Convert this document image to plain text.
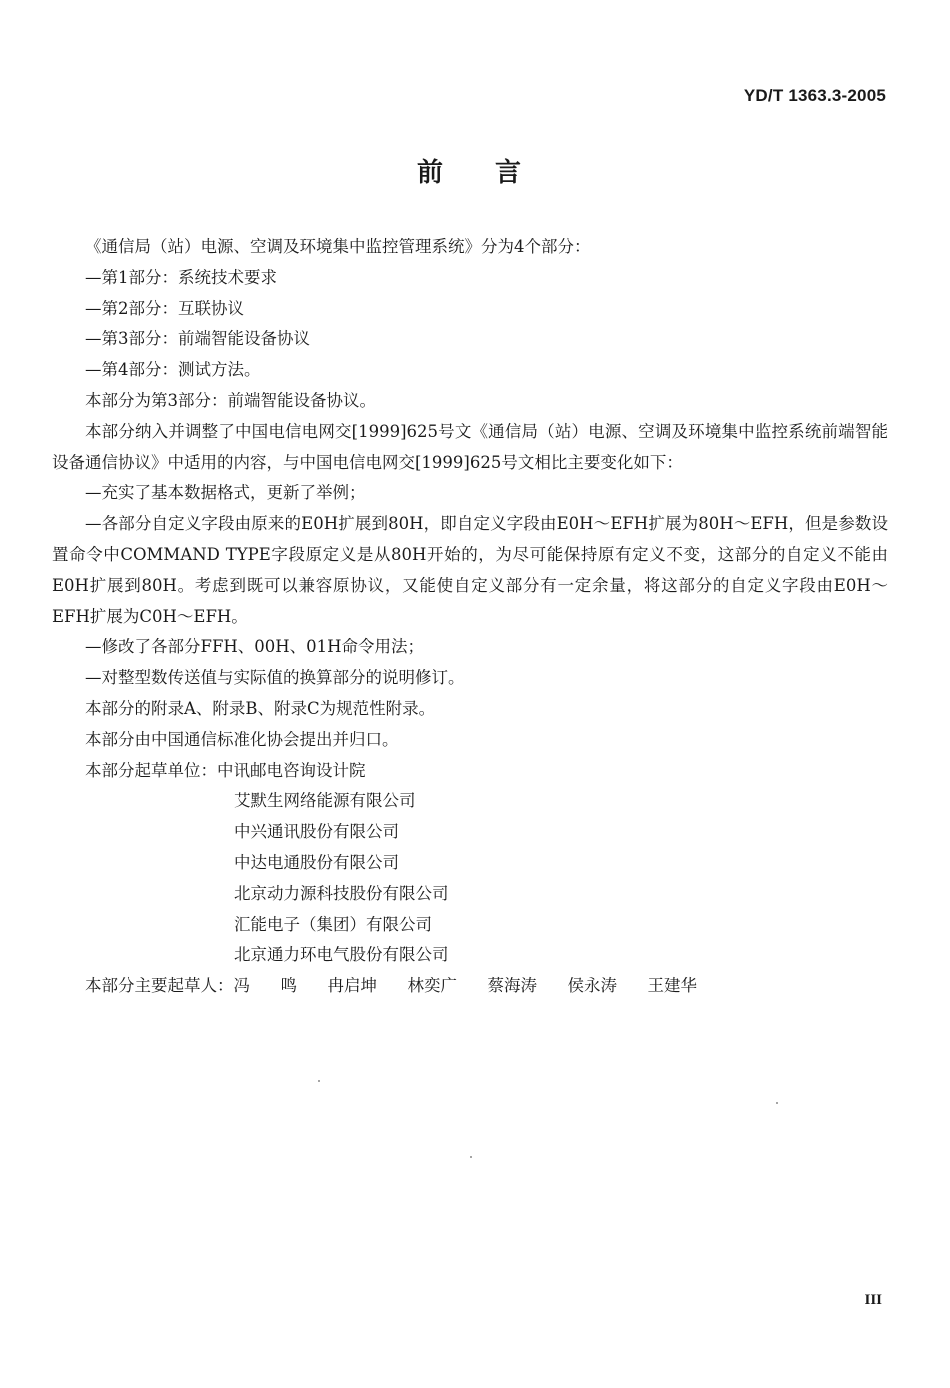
YD/T 1363.3-2005
前言

《通信局（站）电源、空调及环境集中监控管理系统》分为4个部分：

—第1部分：系统技术要求

—第2部分：互联协议

—第3部分：前端智能设备协议

—第4部分：测试方法。

本部分为第3部分：前端智能设备协议。

本部分纳入并调整了中国电信电网交[1999]625号文《通信局（站）电源、空调及环境集中监控系统前端智能设备通信协议》中适用的内容，与中国电信电网交[1999]625号文相比主要变化如下：

—充实了基本数据格式，更新了举例；

—各部分自定义字段由原来的E0H扩展到80H，即自定义字段由E0H～EFH扩展为80H～EFH，但是参数设置命令中COMMAND TYPE字段原定义是从80H开始的，为尽可能保持原有定义不变，这部分的自定义不能由E0H扩展到80H。考虑到既可以兼容原协议，又能使自定义部分有一定余量，将这部分的自定义字段由E0H～EFH扩展为C0H～EFH。

—修改了各部分FFH、00H、01H命令用法；

—对整型数传送值与实际值的换算部分的说明修订。

本部分的附录A、附录B、附录C为规范性附录。

本部分由中国通信标准化协会提出并归口。

本部分起草单位：中讯邮电咨询设计院

艾默生网络能源有限公司

中兴通讯股份有限公司

中达电通股份有限公司

北京动力源科技股份有限公司

汇能电子（集团）有限公司

北京通力环电气股份有限公司

本部分主要起草人：冯  鸣  冉启坤  林奕广  蔡海涛  侯永涛  王建华

III
